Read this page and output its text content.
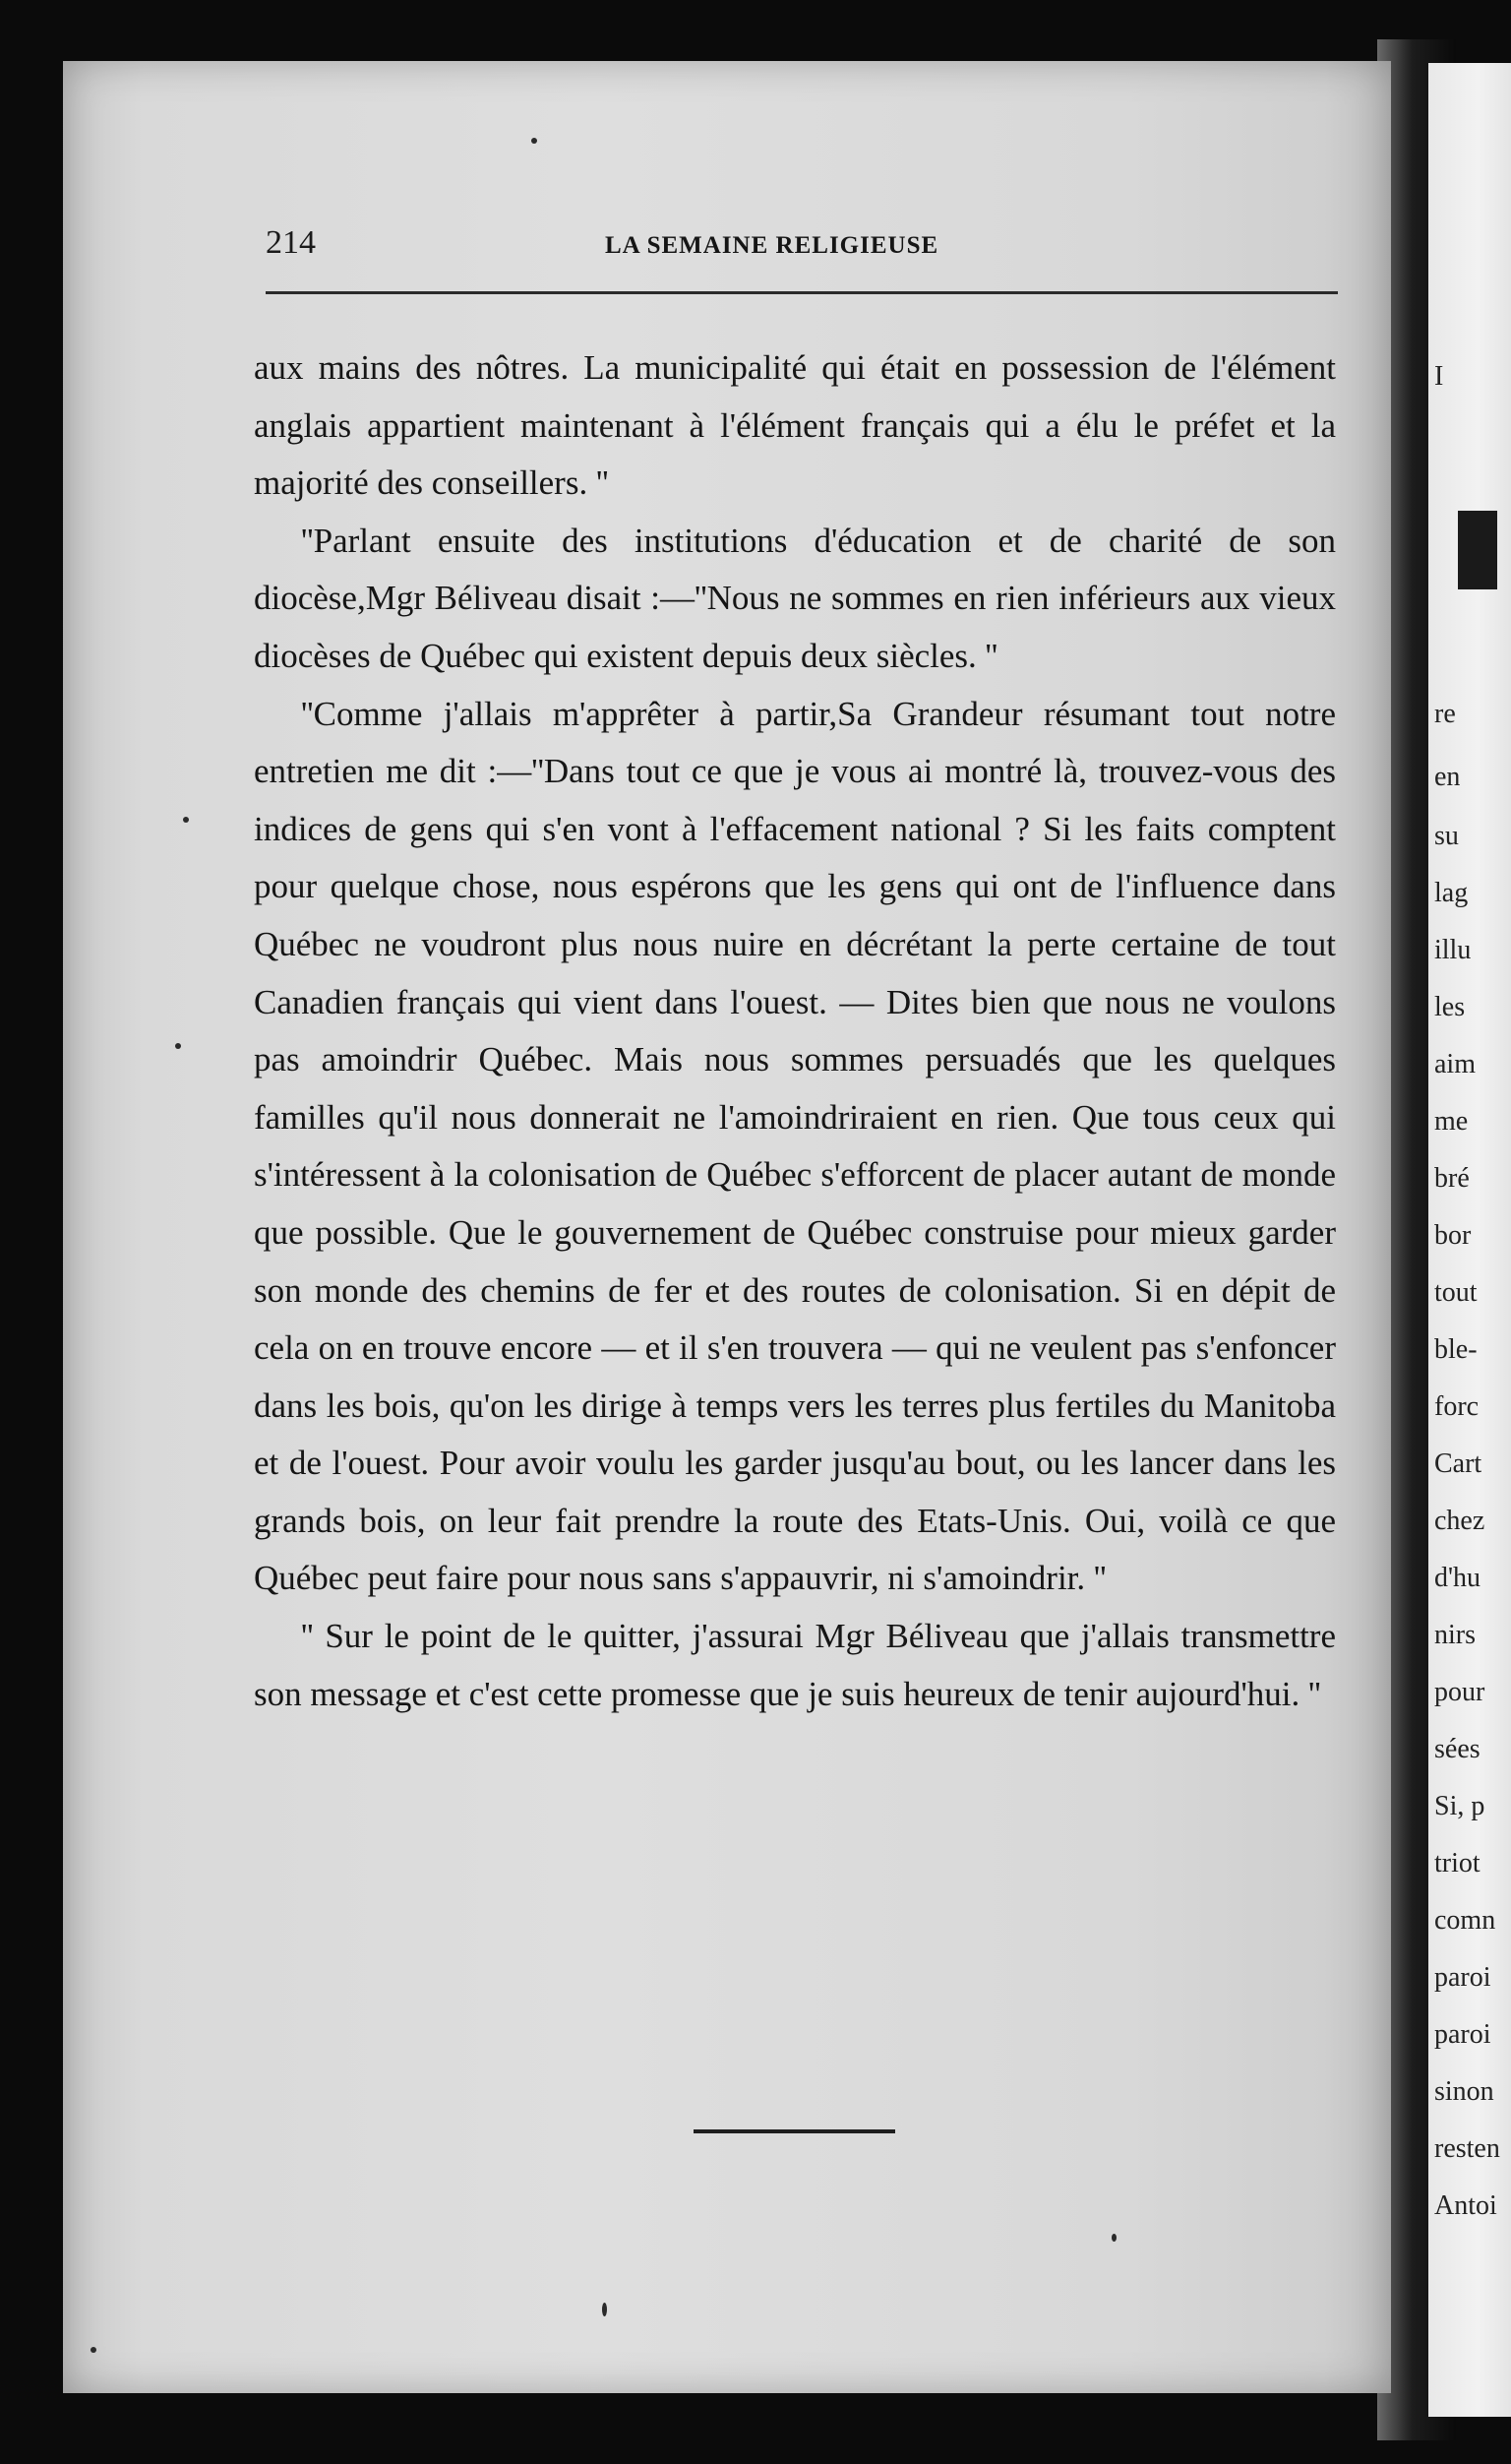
I
re
en
su
lag
illu
les
aim
me
bré
bor
tout
ble-
forc
Cart
chez
d'hu
nirs
pour
sées
Si, p
triot
comn
paroi
paroi
sinon
resten
Antoi
214	LA SEMAINE RELIGIEUSE

aux mains des nôtres. La municipalité qui était en possession de l'élément anglais appartient maintenant à l'élément français qui a élu le préfet et la majorité des conseillers. ''

''Parlant ensuite des institutions d'éducation et de charité de son diocèse,Mgr Béliveau disait :—''Nous ne sommes en rien inférieurs aux vieux diocèses de Québec qui existent depuis deux siècles. ''

''Comme j'allais m'apprêter à partir,Sa Grandeur résumant tout notre entretien me dit :—''Dans tout ce que je vous ai montré là, trouvez-vous des indices de gens qui s'en vont à l'effacement national ? Si les faits comptent pour quelque chose, nous espérons que les gens qui ont de l'influence dans Québec ne voudront plus nous nuire en décrétant la perte certaine de tout Canadien français qui vient dans l'ouest. — Dites bien que nous ne voulons pas amoindrir Québec. Mais nous sommes persuadés que les quelques familles qu'il nous donnerait ne l'amoindriraient en rien. Que tous ceux qui s'intéressent à la colonisation de Québec s'efforcent de placer autant de monde que possible. Que le gouvernement de Québec construise pour mieux garder son monde des chemins de fer et des routes de colonisation. Si en dépit de cela on en trouve encore — et il s'en trouvera — qui ne veulent pas s'enfoncer dans les bois, qu'on les dirige à temps vers les terres plus fertiles du Manitoba et de l'ouest. Pour avoir voulu les garder jusqu'au bout, ou les lancer dans les grands bois, on leur fait prendre la route des Etats-Unis. Oui, voilà ce que Québec peut faire pour nous sans s'appauvrir, ni s'amoindrir. ''

'' Sur le point de le quitter, j'assurai Mgr Béliveau que j'allais transmettre son message et c'est cette promesse que je suis heureux de tenir aujourd'hui. ''
